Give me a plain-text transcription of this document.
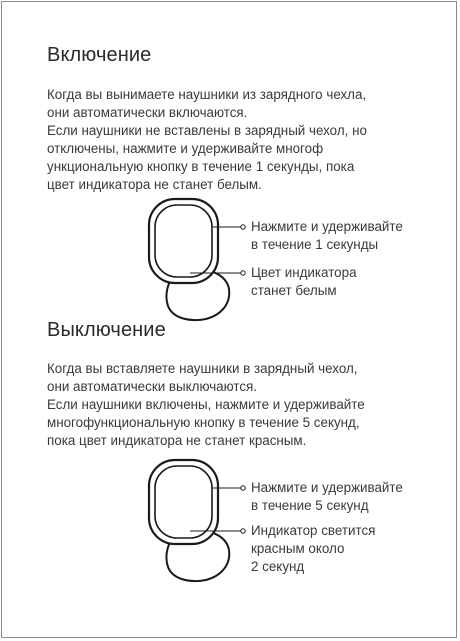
Включение
Когда вы вынимаете наушники из зарядного чехла,
они автоматически включаются.
Если наушники не вставлены в зарядный чехол, но
отключены, нажмите и удерживайте многоф
ункциональную кнопку в течение 1 секунды, пока
цвет индикатора не станет белым.
Нажмите и удерживайте
в течение 1 секунды
Цвет индикатора
станет белым
Выключение
Когда вы вставляете наушники в зарядный чехол,
они автоматически выключаются.
Если наушники включены, нажмите и удерживайте
многофункциональную кнопку в течение 5 секунд,
пока цвет индикатора не станет красным.
Нажмите и удерживайте
в течение 5 секунд
Индикатор светится
красным около
2 секунд
